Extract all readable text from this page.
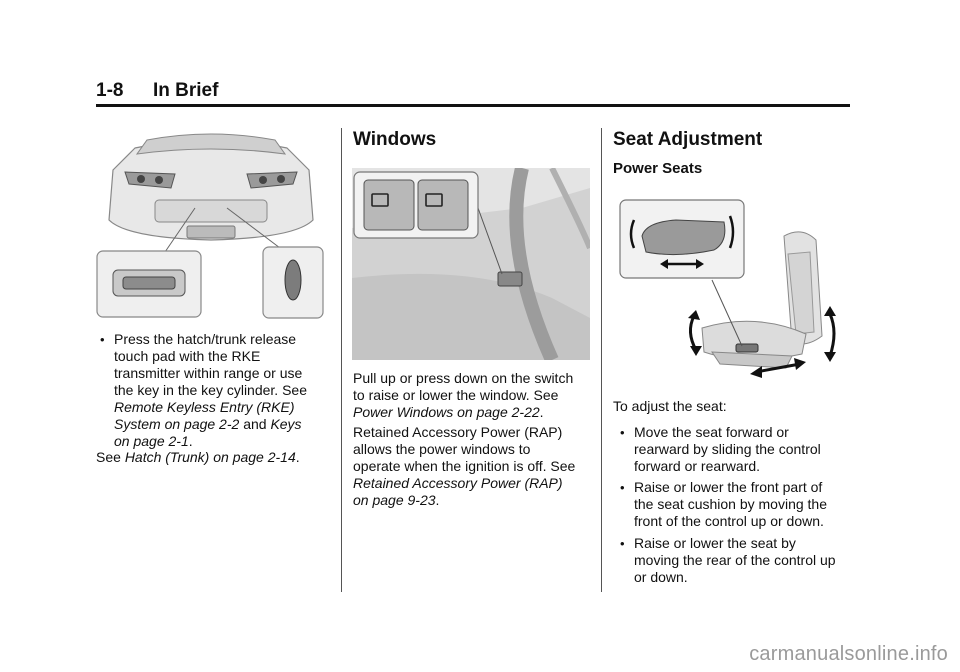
1-8 In Brief
• Press the hatch/trunk release
touch pad with the RKE
transmitter within range or use
the key in the key cylinder. See
Remote Keyless Entry (RKE)
System on page 2-2 and Keys
on page 2-1.
See Hatch (Trunk) on page 2-14.
Windows
Pull up or press down on the switch
to raise or lower the window. See
Power Windows on page 2-22.
Retained Accessory Power (RAP)
allows the power windows to
operate when the ignition is off. See
Retained Accessory Power (RAP)
on page 9-23.
Seat Adjustment
Power Seats
To adjust the seat:
• Move the seat forward or
rearward by sliding the control
forward or rearward.
• Raise or lower the front part of
the seat cushion by moving the
front of the control up or down.
• Raise or lower the seat by
moving the rear of the control up
or down.
carmanualsonline.info
